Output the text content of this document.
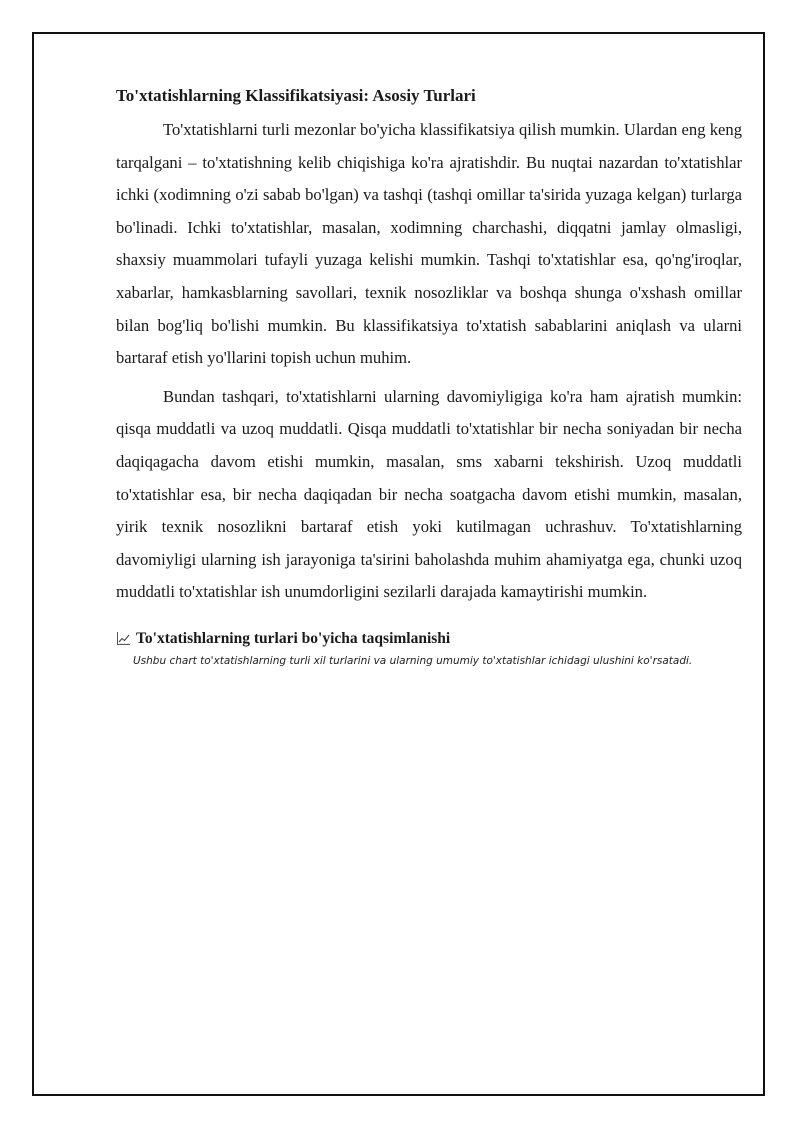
To'xtatishlarning Klassifikatsiyasi: Asosiy Turlari

To'xtatishlarni turli mezonlar bo'yicha klassifikatsiya qilish mumkin. Ulardan eng keng tarqalgani – to'xtatishning kelib chiqishiga ko'ra ajratishdir. Bu nuqtai nazardan to'xtatishlar ichki (xodimning o'zi sabab bo'lgan) va tashqi (tashqi omillar ta'sirida yuzaga kelgan) turlarga bo'linadi. Ichki to'xtatishlar, masalan, xodimning charchashi, diqqatni jamlay olmasligi, shaxsiy muammolari tufayli yuzaga kelishi mumkin. Tashqi to'xtatishlar esa, qo'ng'iroqlar, xabarlar, hamkasblarning savollari, texnik nosozliklar va boshqa shunga o'xshash omillar bilan bog'liq bo'lishi mumkin. Bu klassifikatsiya to'xtatish sabablarini aniqlash va ularni bartaraf etish yo'llarini topish uchun muhim.

Bundan tashqari, to'xtatishlarni ularning davomiyligiga ko'ra ham ajratish mumkin: qisqa muddatli va uzoq muddatli. Qisqa muddatli to'xtatishlar bir necha soniyadan bir necha daqiqagacha davom etishi mumkin, masalan, sms xabarni tekshirish. Uzoq muddatli to'xtatishlar esa, bir necha daqiqadan bir necha soatgacha davom etishi mumkin, masalan, yirik texnik nosozlikni bartaraf etish yoki kutilmagan uchrashuv. To'xtatishlarning davomiyligi ularning ish jarayoniga ta'sirini baholashda muhim ahamiyatga ega, chunki uzoq muddatli to'xtatishlar ish unumdorligini sezilarli darajada kamaytirishi mumkin.

To'xtatishlarning turlari bo'yicha taqsimlanishi
Ushbu chart to'xtatishlarning turli xil turlarini va ularning umumiy to'xtatishlar ichidagi ulushini ko'rsatadi.
